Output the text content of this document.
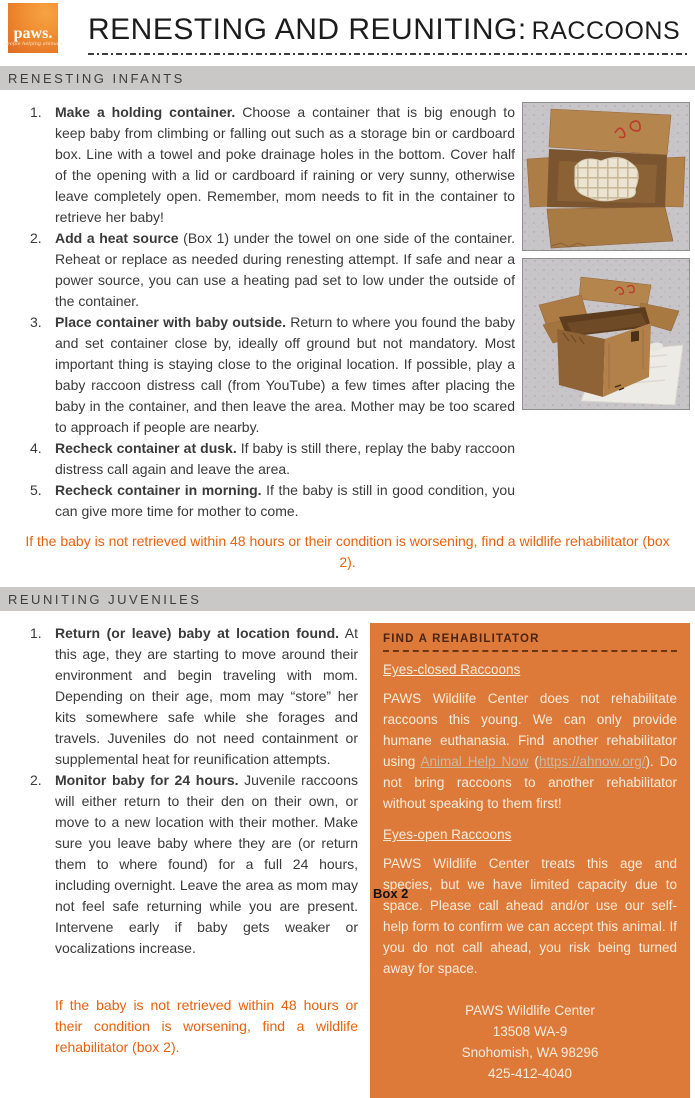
paws.
people helping animals RENESTING AND REUNITING: RACCOONS
RENESTING INFANTS
1. Make a holding container. Choose a container that is big enough to keep baby from climbing or falling out such as a storage bin or cardboard box. Line with a towel and poke drainage holes in the bottom. Cover half of the opening with a lid or cardboard if raining or very sunny, otherwise leave completely open. Remember, mom needs to fit in the container to retrieve her baby!
2. Add a heat source (Box 1) under the towel on one side of the container. Reheat or replace as needed during renesting attempt. If safe and near a power source, you can use a heating pad set to low under the outside of the container.
3. Place container with baby outside. Return to where you found the baby and set container close by, ideally off ground but not mandatory. Most important thing is staying close to the original location. If possible, play a baby raccoon distress call (from YouTube) a few times after placing the baby in the container, and then leave the area. Mother may be too scared to approach if people are nearby.
4. Recheck container at dusk. If baby is still there, replay the baby raccoon distress call again and leave the area.
5. Recheck container in morning. If the baby is still in good condition, you can give more time for mother to come.
If the baby is not retrieved within 48 hours or their condition is worsening, find a wildlife rehabilitator (box 2).
REUNITING JUVENILES
1. Return (or leave) baby at location found. At this age, they are starting to move around their environment and begin traveling with mom. Depending on their age, mom may “store” her kits somewhere safe while she forages and travels. Juveniles do not need containment or supplemental heat for reunification attempts.
2. Monitor baby for 24 hours. Juvenile raccoons will either return to their den on their own, or move to a new location with their mother. Make sure you leave baby where they are (or return them to where found) for a full 24 hours, including overnight. Leave the area as mom may not feel safe returning while you are present. Intervene early if baby gets weaker or vocalizations increase.
If the baby is not retrieved within 48 hours or their condition is worsening, find a wildlife rehabilitator (box 2).
FIND A REHABILITATOR
Eyes-closed Raccoons
PAWS Wildlife Center does not rehabilitate raccoons this young. We can only provide humane euthanasia. Find another rehabilitator using Animal Help Now (https://ahnow.org/). Do not bring raccoons to another rehabilitator without speaking to them first!
Eyes-open Raccoons
PAWS Wildlife Center treats this age and species, but we have limited capacity due to space. Please call ahead and/or use our self-help form to confirm we can accept this animal. If you do not call ahead, you risk being turned away for space.
PAWS Wildlife Center
13508 WA-9
Snohomish, WA 98296
425-412-4040
Box 2
